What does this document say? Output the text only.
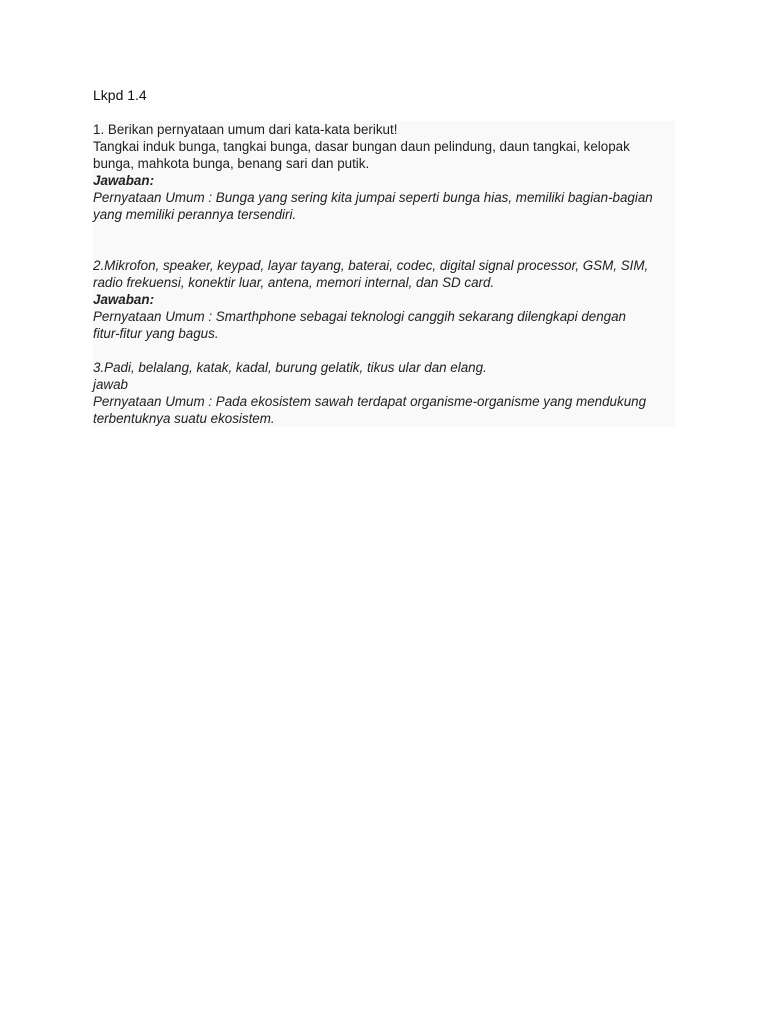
Lkpd 1.4
1. Berikan pernyataan umum dari kata-kata berikut!
Tangkai induk bunga, tangkai bunga, dasar bungan daun pelindung, daun tangkai, kelopak
bunga, mahkota bunga, benang sari dan putik.
Jawaban:
Pernyataan Umum : Bunga yang sering kita jumpai seperti bunga hias, memiliki bagian-bagian
yang memiliki perannya tersendiri.
2.Mikrofon, speaker, keypad, layar tayang, baterai, codec, digital signal processor, GSM, SIM,
radio frekuensi, konektir luar, antena, memori internal, dan SD card.
Jawaban:
Pernyataan Umum : Smarthphone sebagai teknologi canggih sekarang dilengkapi dengan
fitur-fitur yang bagus.
3.Padi, belalang, katak, kadal, burung gelatik, tikus ular dan elang.
jawab
Pernyataan Umum : Pada ekosistem sawah terdapat organisme-organisme yang mendukung
terbentuknya suatu ekosistem.
